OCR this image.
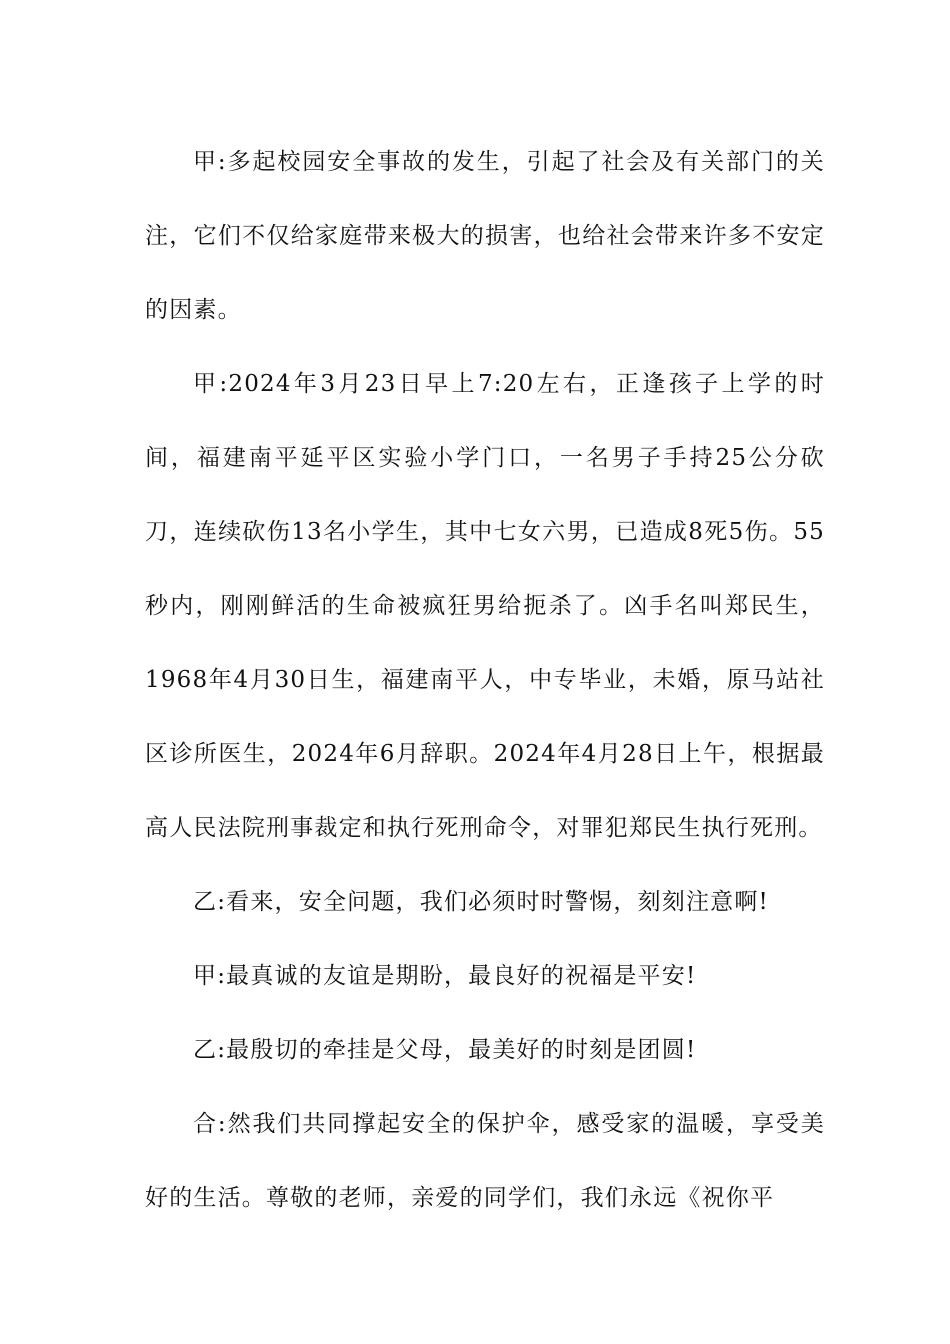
甲:多起校园安全事故的发生，引起了社会及有关部门的关注，它们不仅给家庭带来极大的损害，也给社会带来许多不安定的因素。

甲:2024年3月23日早上7:20左右，正逢孩子上学的时间，福建南平延平区实验小学门口，一名男子手持25公分砍刀，连续砍伤13名小学生，其中七女六男，已造成8死5伤。55秒内，刚刚鲜活的生命被疯狂男给扼杀了。凶手名叫郑民生，1968年4月30日生，福建南平人，中专毕业，未婚，原马站社区诊所医生，2024年6月辞职。2024年4月28日上午，根据最高人民法院刑事裁定和执行死刑命令，对罪犯郑民生执行死刑。

乙:看来，安全问题，我们必须时时警惕，刻刻注意啊!

甲:最真诚的友谊是期盼，最良好的祝福是平安!

乙:最殷切的牵挂是父母，最美好的时刻是团圆!

合:然我们共同撑起安全的保护伞，感受家的温暖，享受美好的生活。尊敬的老师，亲爱的同学们，我们永远《祝你平
